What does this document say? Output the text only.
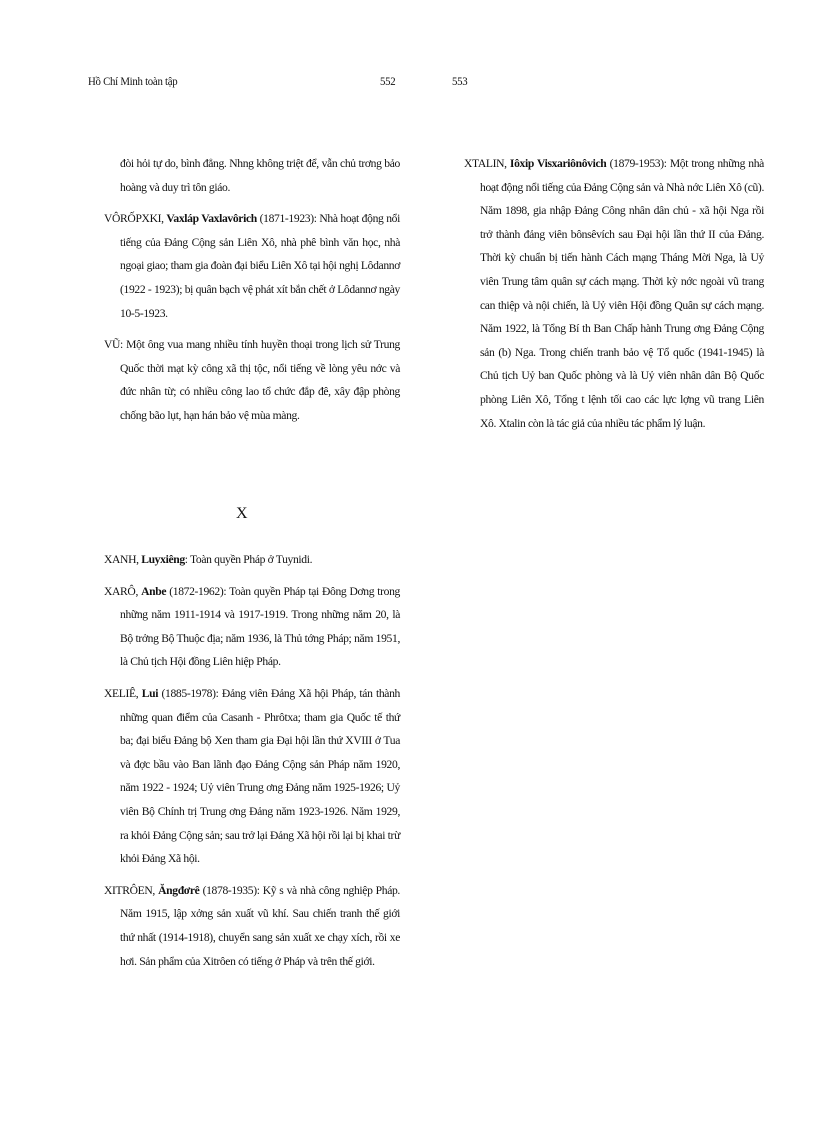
Hồ Chí Minh toàn tập	552	553

đòi hỏi tự do, bình đẳng. Nhng không triệt để, vẫn chủ trơng bảo hoàng và duy trì tôn giáo.

VÔRỐPXKI, Vaxláp Vaxlavôrich (1871-1923): Nhà hoạt động nổi tiếng của Đảng Cộng sản Liên Xô, nhà phê bình văn học, nhà ngoại giao; tham gia đoàn đại biểu Liên Xô tại hội nghị Lôdannơ (1922 - 1923); bị quân bạch vệ phát xít bắn chết ở Lôdannơ ngày 10-5-1923.

VŨ: Một ông vua mang nhiều tính huyền thoại trong lịch sử Trung Quốc thời mạt kỳ công xã thị tộc, nổi tiếng về lòng yêu nớc và đức nhân từ; có nhiều công lao tổ chức đắp đê, xây đập phòng chống bão lụt, hạn hán bảo vệ mùa màng.

X

XANH, Luyxiêng: Toàn quyền Pháp ở Tuynidi.

XARÔ, Anbe (1872-1962): Toàn quyền Pháp tại Đông Dơng trong những năm 1911-1914 và 1917-1919. Trong những năm 20, là Bộ trởng Bộ Thuộc địa; năm 1936, là Thủ tớng Pháp; năm 1951, là Chủ tịch Hội đồng Liên hiệp Pháp.

XELIÊ, Lui (1885-1978): Đảng viên Đảng Xã hội Pháp, tán thành những quan điểm của Casanh - Phrôtxa; tham gia Quốc tế thứ ba; đại biểu Đảng bộ Xen tham gia Đại hội lần thứ XVIII ở Tua và đợc bầu vào Ban lãnh đạo Đảng Cộng sản Pháp năm 1920, năm 1922 - 1924; Uỷ viên Trung ơng Đảng năm 1925-1926; Uỷ viên Bộ Chính trị Trung ơng Đảng năm 1923-1926. Năm 1929, ra khỏi Đảng Cộng sản; sau trở lại Đảng Xã hội rồi lại bị khai trừ khỏi Đảng Xã hội.

XITRÔEN, Ăngđơrê (1878-1935): Kỹ s và nhà công nghiệp Pháp. Năm 1915, lập xởng sản xuất vũ khí. Sau chiến tranh thế giới thứ nhất (1914-1918), chuyển sang sản xuất xe chạy xích, rồi xe hơi. Sản phẩm của Xitrôen có tiếng ở Pháp và trên thế giới.

XTALIN, Iôxip Visxariônôvich (1879-1953): Một trong những nhà hoạt động nổi tiếng của Đảng Cộng sản và Nhà nớc Liên Xô (cũ). Năm 1898, gia nhập Đảng Công nhân dân chủ - xã hội Nga rồi trở thành đảng viên bônsêvích sau Đại hội lần thứ II của Đảng. Thời kỳ chuẩn bị tiến hành Cách mạng Tháng Mời Nga, là Uỷ viên Trung tâm quân sự cách mạng. Thời kỳ nớc ngoài vũ trang can thiệp và nội chiến, là Uỷ viên Hội đồng Quân sự cách mạng. Năm 1922, là Tổng Bí th Ban Chấp hành Trung ơng Đảng Cộng sản (b) Nga. Trong chiến tranh bảo vệ Tổ quốc (1941-1945) là Chủ tịch Uỷ ban Quốc phòng và là Uỷ viên nhân dân Bộ Quốc phòng Liên Xô, Tổng t lệnh tối cao các lực lợng vũ trang Liên Xô. Xtalin còn là tác giả của nhiều tác phẩm lý luận.
